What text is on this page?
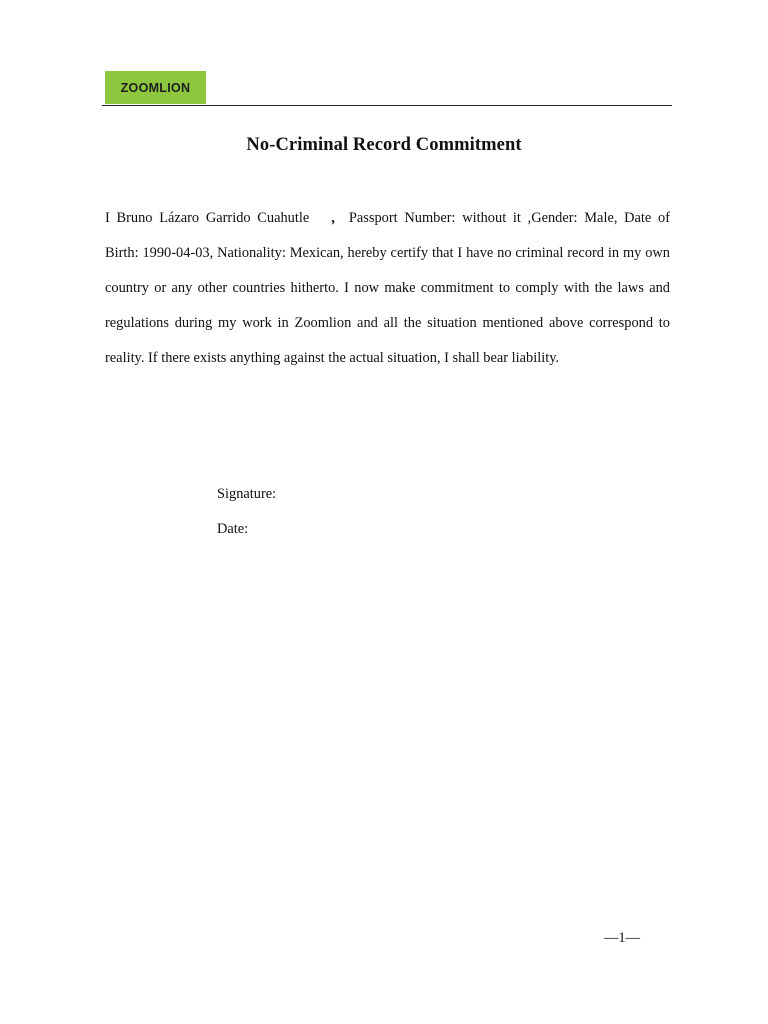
ZOOMLION
No-Criminal Record Commitment

I Bruno Lázaro Garrido Cuahutle , Passport Number: without it ,Gender: Male, Date of Birth: 1990-04-03, Nationality: Mexican, hereby certify that I have no criminal record in my own country or any other countries hitherto. I now make commitment to comply with the laws and regulations during my work in Zoomlion and all the situation mentioned above correspond to reality. If there exists anything against the actual situation, I shall bear liability.

Signature:
Date:
—1—
